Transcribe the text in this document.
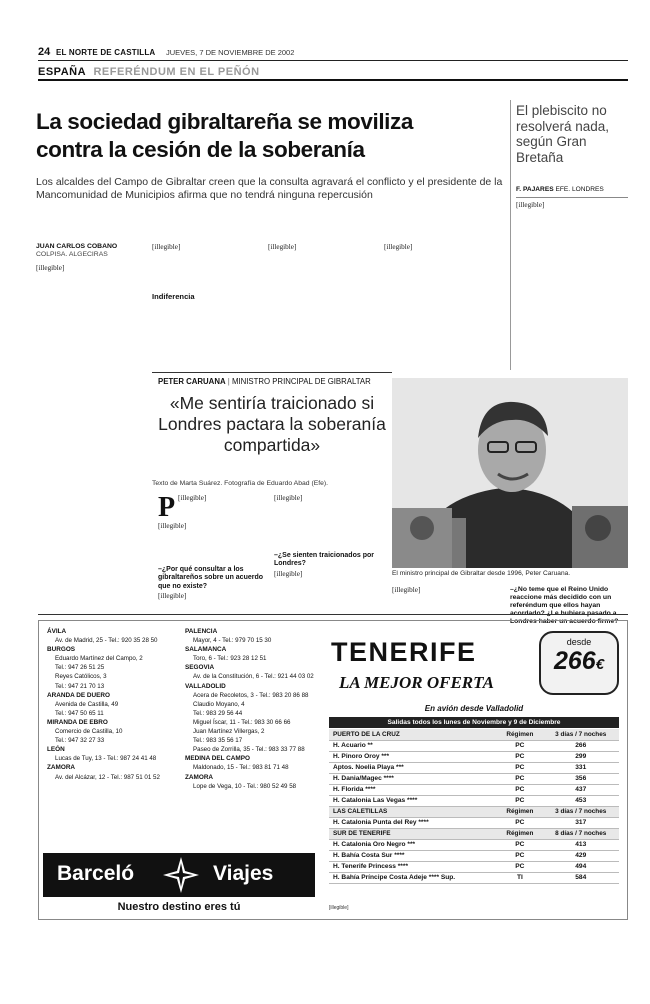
24 EL NORTE DE CASTILLA JUEVES, 7 DE NOVIEMBRE DE 2002
ESPAÑA REFERÉNDUM EN EL PEÑÓN
La sociedad gibraltareña se moviliza
contra la cesión de la soberanía
Los alcaldes del Campo de Gibraltar creen que la consulta agravará el conflicto y el presidente de la Mancomunidad de Municipios afirma que no tendrá ninguna repercusión
El plebiscito no resolverá nada, según Gran Bretaña
F. PAJARES EFE. LONDRES
[illegible]
JUAN CARLOS COBANO
COLPISA. ALGECIRAS
[illegible]
[illegible]
Indiferencia
[illegible]	[illegible]
PETER CARUANA | MINISTRO PRINCIPAL DE GIBRALTAR
«Me sentiría traicionado si Londres pactara la soberanía compartida»
Texto de Marta Suárez. Fotografía de Eduardo Abad (Efe).
El ministro principal de Gibraltar desde 1996, Peter Caruana.
P [illegible]
[illegible]
–¿Por qué consultar a los gibraltareños sobre un acuerdo que no existe?
[illegible]
[illegible]
–¿Se sienten traicionados por Londres?
[illegible]
[illegible]	–¿No teme que el Reino Unido reaccione más decidido con un referéndum que ellos hayan acordado? ¿Le hubiera pasado a Londres haber un acuerdo firme?
ÁVILA
Av. de Madrid, 25 - Tel.: 920 35 28 50
BURGOS
Eduardo Martínez del Campo, 2
Tel.: 947 26 51 25
Reyes Católicos, 3
Tel.: 947 21 70 13
ARANDA DE DUERO
Avenida de Castilla, 49
Tel.: 947 50 65 11
MIRANDA DE EBRO
Comercio de Castilla, 10
Tel.: 947 32 27 33
LEÓN
Lucas de Tuy, 13 - Tel.: 987 24 41 48
ZAMORA
Av. del Alcázar, 12 - Tel.: 987 51 01 52
PALENCIA
Mayor, 4 - Tel.: 979 70 15 30
SALAMANCA
Toro, 6 - Tel.: 923 28 12 51
SEGOVIA
Av. de la Constitución, 6 - Tel.: 921 44 03 02
VALLADOLID
Acera de Recoletos, 3 - Tel.: 983 20 86 88
Claudio Moyano, 4
Tel.: 983 29 56 44
Miguel Íscar, 11 - Tel.: 983 30 66 66
Juan Martínez Villergas, 2
Tel.: 983 35 56 17
Paseo de Zorrilla, 35 - Tel.: 983 33 77 88
MEDINA DEL CAMPO
Maldonado, 15 - Tel.: 983 81 71 48
ZAMORA
Lope de Vega, 10 - Tel.: 980 52 49 58
Barceló	Viajes
Nuestro destino eres tú
TENERIFE
LA MEJOR OFERTA
desde
266€
En avión desde Valladolid
Salidas todos los lunes de Noviembre y 9 de Diciembre
PUERTO DE LA CRUZ	Régimen	3 días / 7 noches
H. Acuario **	PC	266
H. Pinoro Oroy ***	PC	299
Aptos. Noelia Playa ***	PC	331
H. Dania/Magec ****	PC	356
H. Florida ****	PC	437
H. Catalonia Las Vegas ****	PC	453
LAS CALETILLAS	Régimen	3 días / 7 noches
H. Catalonia Punta del Rey ****	PC	317
SUR DE TENERIFE	Régimen	8 días / 7 noches
H. Catalonia Oro Negro ***	PC	413
H. Bahía Costa Sur ****	PC	429
H. Tenerife Princess ****	PC	494
H. Bahía Príncipe Costa Adeje **** Sup.	TI	584
[illegible]
